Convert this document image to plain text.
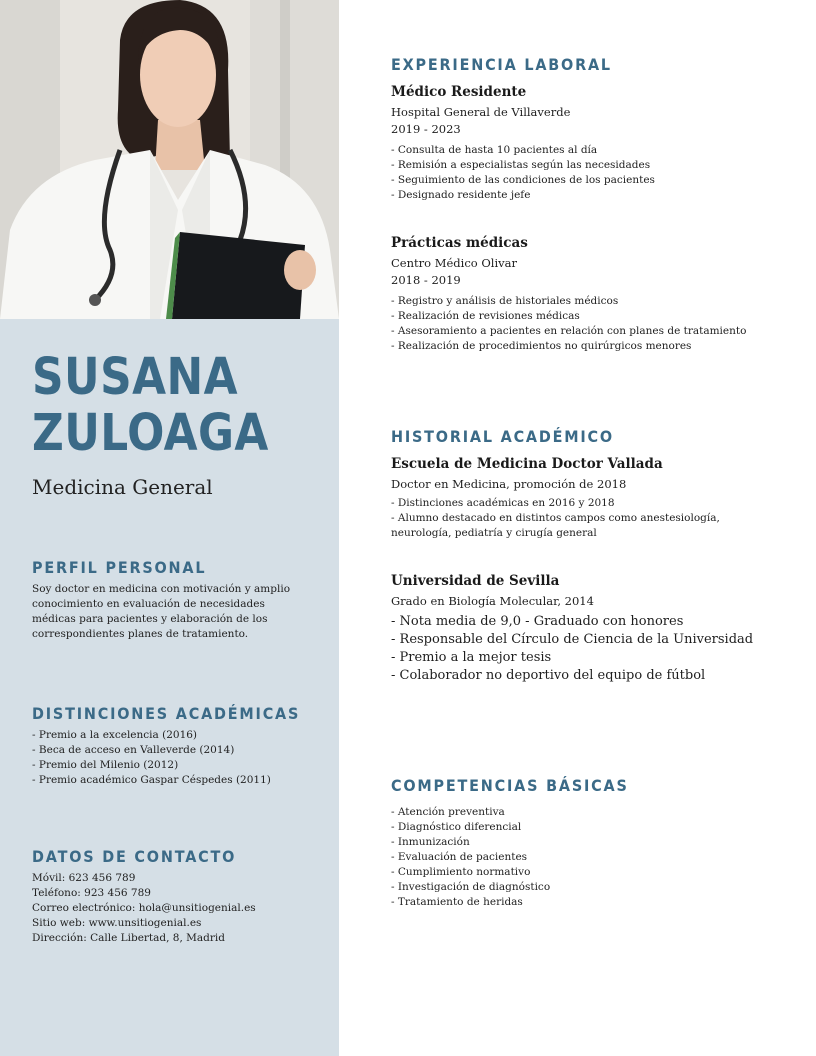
SUSANA
ZULOAGA
Medicina General
PERFIL PERSONAL
Soy doctor en medicina con motivación y amplio
conocimiento en evaluación de necesidades
médicas para pacientes y elaboración de los
correspondientes planes de tratamiento.
DISTINCIONES ACADÉMICAS
- Premio a la excelencia (2016)
- Beca de acceso en Valleverde (2014)
- Premio del Milenio (2012)
- Premio académico Gaspar Céspedes (2011)
DATOS DE CONTACTO
Móvil: 623 456 789
Teléfono: 923 456 789
Correo electrónico: hola@unsitiogenial.es
Sitio web: www.unsitiogenial.es
Dirección: Calle Libertad, 8, Madrid
EXPERIENCIA LABORAL

Médico Residente

Hospital General de Villaverde
2019 - 2023
- Consulta de hasta 10 pacientes al día
- Remisión a especialistas según las necesidades
- Seguimiento de las condiciones de los pacientes
- Designado residente jefe

Prácticas médicas

Centro Médico Olivar
2018 - 2019
- Registro y análisis de historiales médicos
- Realización de revisiones médicas
- Asesoramiento a pacientes en relación con planes de tratamiento
- Realización de procedimientos no quirúrgicos menores
HISTORIAL ACADÉMICO

Escuela de Medicina Doctor Vallada

Doctor en Medicina, promoción de 2018
- Distinciones académicas en 2016 y 2018
- Alumno destacado en distintos campos como anestesiología,
neurología, pediatría y cirugía general

Universidad de Sevilla

Grado en Biología Molecular, 2014
- Nota media de 9,0 - Graduado con honores
- Responsable del Círculo de Ciencia de la Universidad
- Premio a la mejor tesis
- Colaborador no deportivo del equipo de fútbol
COMPETENCIAS BÁSICAS
- Atención preventiva
- Diagnóstico diferencial
- Inmunización
- Evaluación de pacientes
- Cumplimiento normativo
- Investigación de diagnóstico
- Tratamiento de heridas
